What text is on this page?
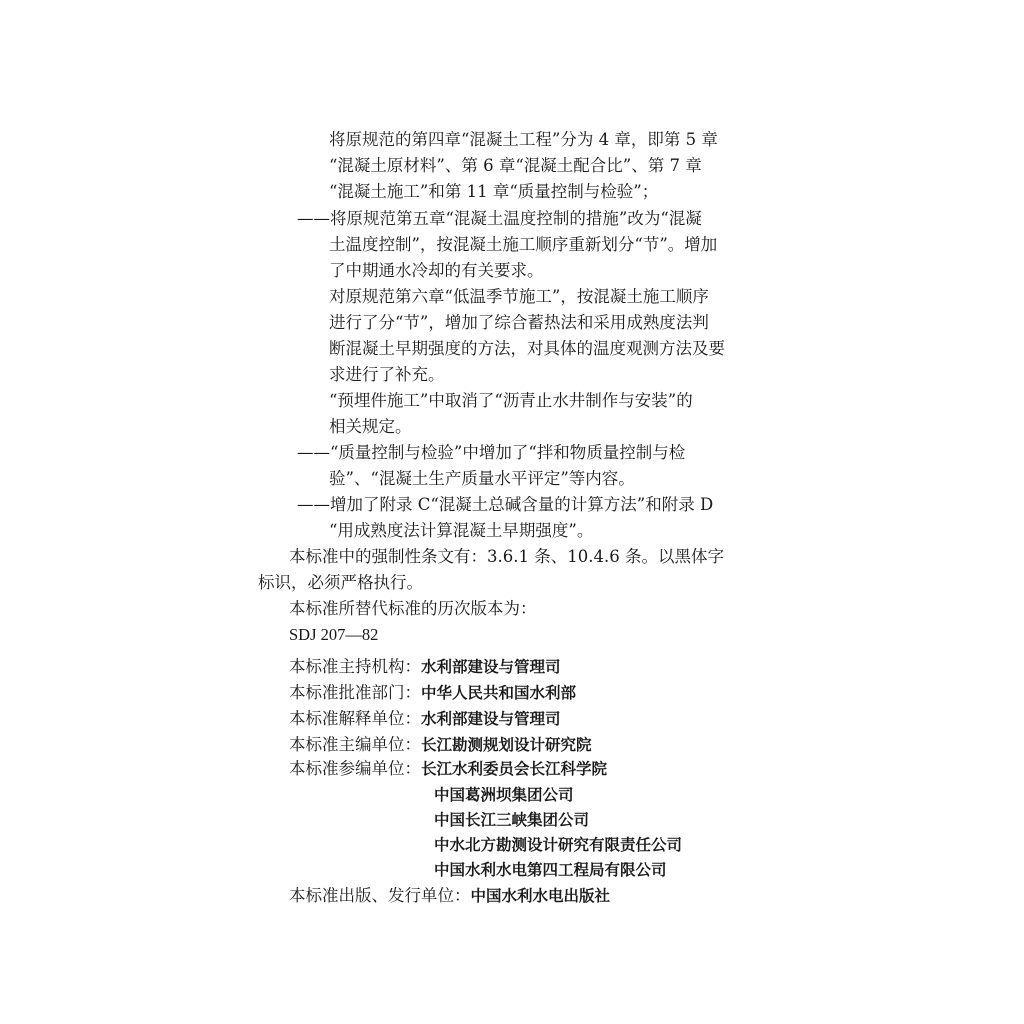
将原规范的第四章“混凝土工程”分为 4 章，即第 5 章
“混凝土原材料”、第 6 章“混凝土配合比”、第 7 章
“混凝土施工”和第 11 章“质量控制与检验”；
——将原规范第五章“混凝土温度控制的措施”改为“混凝
土温度控制”，按混凝土施工顺序重新划分“节”。增加
了中期通水冷却的有关要求。
对原规范第六章“低温季节施工”，按混凝土施工顺序
进行了分“节”，增加了综合蓄热法和采用成熟度法判
断混凝土早期强度的方法，对具体的温度观测方法及要
求进行了补充。
“预埋件施工”中取消了“沥青止水井制作与安装”的
相关规定。
——“质量控制与检验”中增加了“拌和物质量控制与检
验”、“混凝土生产质量水平评定”等内容。
——增加了附录 C“混凝土总碱含量的计算方法”和附录 D
“用成熟度法计算混凝土早期强度”。
本标准中的强制性条文有：3.6.1 条、10.4.6 条。以黑体字
标识，必须严格执行。
本标准所替代标准的历次版本为：
SDJ 207—82
本标准主持机构：水利部建设与管理司
本标准批准部门：中华人民共和国水利部
本标准解释单位：水利部建设与管理司
本标准主编单位：长江勘测规划设计研究院
本标准参编单位：长江水利委员会长江科学院
中国葛洲坝集团公司
中国长江三峡集团公司
中水北方勘测设计研究有限责任公司
中国水利水电第四工程局有限公司
本标准出版、发行单位：中国水利水电出版社
